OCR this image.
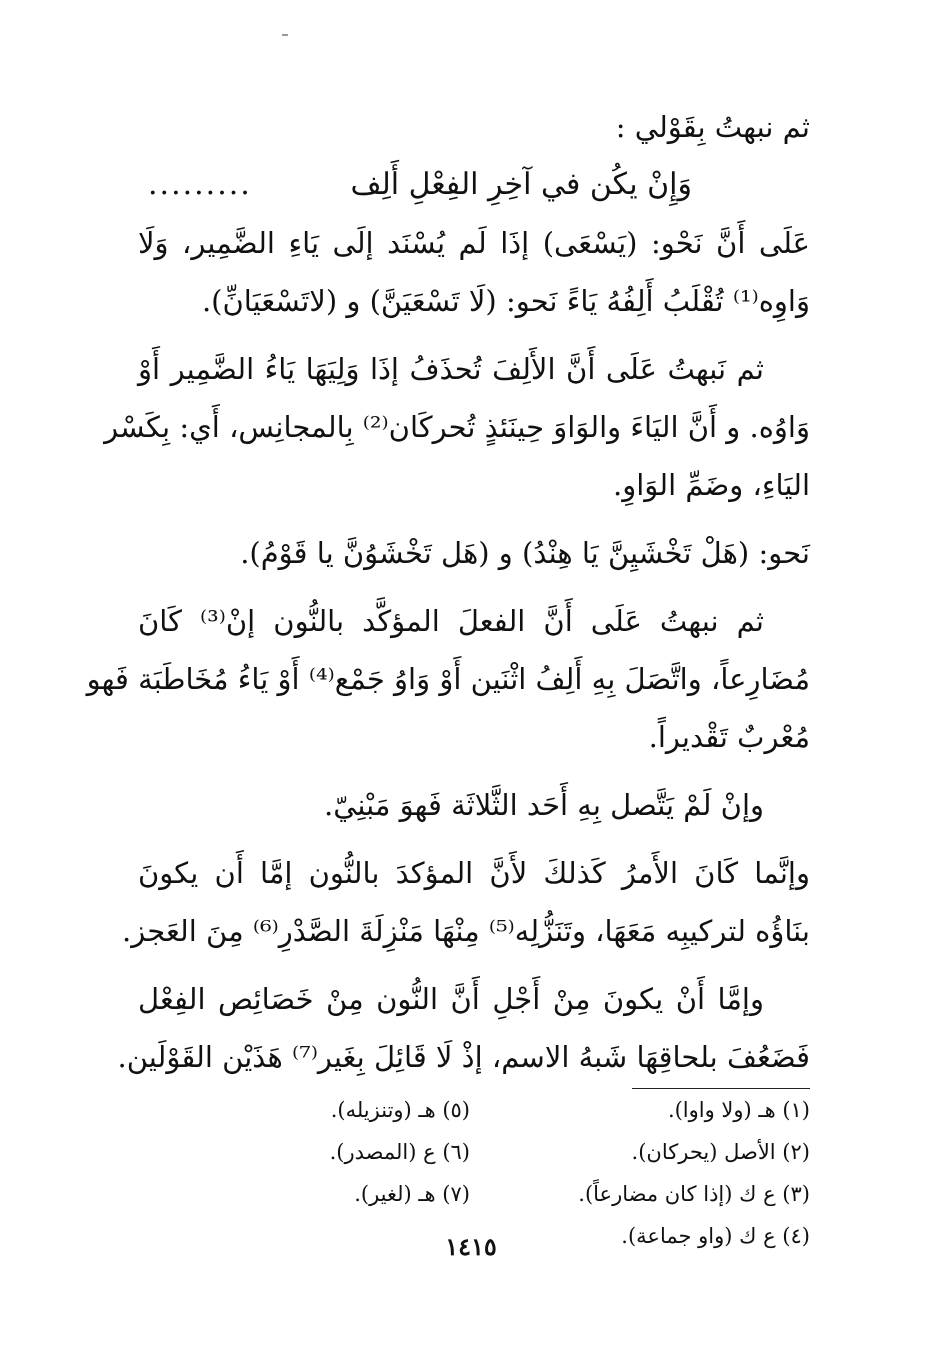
ثم نبهتُ بِقَوْلي :
وَإِنْ يكُن في آخِرِ الفِعْلِ أَلِف
.........
عَلَى أَنَّ نَحْو: (يَسْعَى) إذَا لَم يُسْنَد إلَى يَاءِ الضَّمِير، وَلَا
وَاوِه⁽¹⁾ تُقْلَبُ أَلِفُهُ يَاءً نَحو: (لَا تَسْعَيَنَّ) و (لاتَسْعَيَانِّ).
ثم نَبهتُ عَلَى أَنَّ الأَلِفَ تُحذَفُ إذَا وَلِيَهَا يَاءُ الضَّمِير أَوْ
وَاوُه. و أَنَّ اليَاءَ والوَاوَ حِينَئذٍ تُحركَان⁽²⁾ بِالمجانِس، أَي: بِكَسْر
اليَاءِ، وضَمِّ الوَاوِ.
نَحو: (هَلْ تَخْشَيِنَّ يَا هِنْدُ) و (هَل تَخْشَوُنَّ يا قَوْمُ).
ثم نبهتُ عَلَى أَنَّ الفعلَ المؤكَّد بالنُّون إنْ⁽³⁾ كَانَ
مُضَارِعاً، واتَّصَلَ بِهِ أَلِفُ اثْنَين أَوْ وَاوُ جَمْع⁽⁴⁾ أَوْ يَاءُ مُخَاطَبَة فَهو
مُعْربٌ تَقْديراً.
وإنْ لَمْ يَتَّصل بِهِ أَحَد الثَّلاثَة فَهوَ مَبْنِيّ.
وإنَّما كَانَ الأَمرُ كَذلكَ لأَنَّ المؤكدَ بالنُّون إمَّا أَن يكونَ
بنَاؤُه لتركيبِه مَعَهَا، وتَنَزُّلِه⁽⁵⁾ مِنْهَا مَنْزِلَةَ الصَّدْرِ⁽⁶⁾ مِنَ العَجز.
وإمَّا أَنْ يكونَ مِنْ أَجْلِ أَنَّ النُّون مِنْ خَصَائِص الفِعْل
فَضَعُفَ بلحاقِهَا شَبهُ الاسم، إذْ لَا قَائِلَ بِغَير⁽⁷⁾ هَذَيْن القَوْلَين.
(١) هـ (ولا واوا).
(٥) هـ (وتنزيله).
(٢) الأصل (يحركان).
(٦) ع (المصدر).
(٣) ع ك (إذا كان مضارعاً).
(٧) هـ (لغير).
(٤) ع ك (واو جماعة).
١٤١٥
